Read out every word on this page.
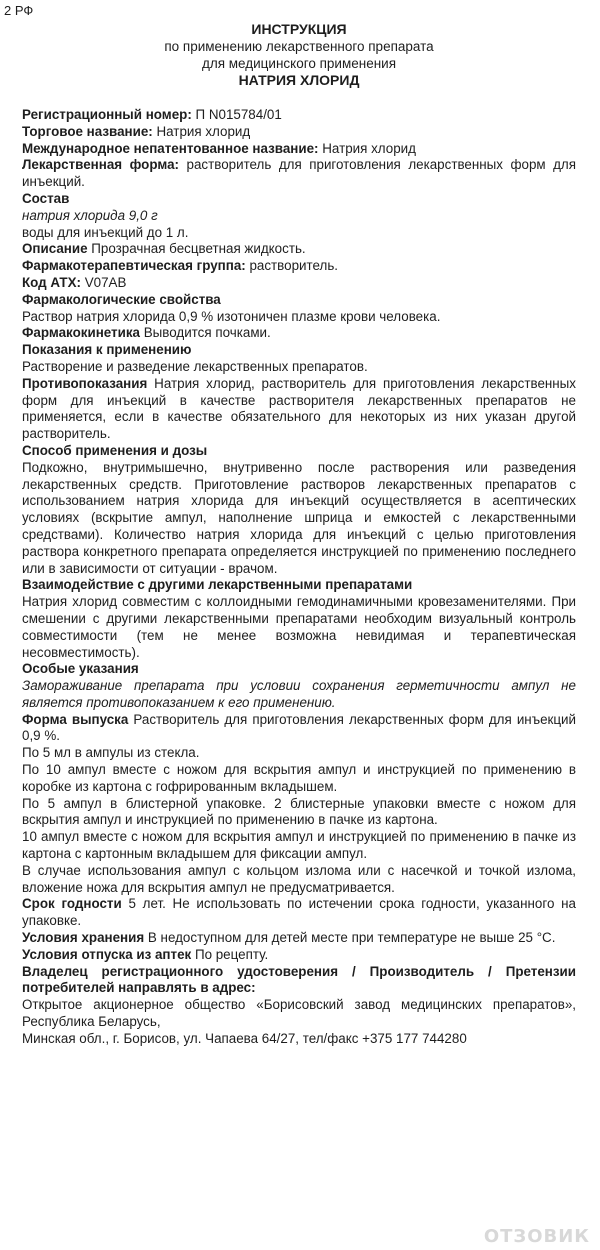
2 РФ
ИНСТРУКЦИЯ
по применению лекарственного препарата
для медицинского применения
НАТРИЯ ХЛОРИД

Регистрационный номер: П N015784/01

Торговое название: Натрия хлорид

Международное непатентованное название: Натрия хлорид

Лекарственная форма: растворитель для приготовления лекарственных форм для инъекций.

Состав

натрия хлорида 9,0 г

воды для инъекций до 1 л.

Описание Прозрачная бесцветная жидкость.

Фармакотерапевтическая группа: растворитель.

Код АТХ: V07AB

Фармакологические свойства

Раствор натрия хлорида 0,9 % изотоничен плазме крови человека.

Фармакокинетика Выводится почками.

Показания к применению

Растворение и разведение лекарственных препаратов.

Противопоказания Натрия хлорид, растворитель для приготовления лекарственных форм для инъекций в качестве растворителя лекарственных препаратов не применяется, если в качестве обязательного для некоторых из них указан другой растворитель.

Способ применения и дозы

Подкожно, внутримышечно, внутривенно после растворения или разведения лекарственных средств. Приготовление растворов лекарственных препаратов с использованием натрия хлорида для инъекций осуществляется в асептических условиях (вскрытие ампул, наполнение шприца и емкостей с лекарственными средствами). Количество натрия хлорида для инъекций с целью приготовления раствора конкретного препарата определяется инструкцией по применению последнего или в зависимости от ситуации - врачом.

Взаимодействие с другими лекарственными препаратами

Натрия хлорид совместим с коллоидными гемодинамичными кровезаменителями. При смешении с другими лекарственными препаратами необходим визуальный контроль совместимости (тем не менее возможна невидимая и терапевтическая несовместимость).

Особые указания

Замораживание препарата при условии сохранения герметичности ампул не является противопоказанием к его применению.

Форма выпуска Растворитель для приготовления лекарственных форм для инъекций 0,9 %.

По 5 мл в ампулы из стекла.

По 10 ампул вместе с ножом для вскрытия ампул и инструкцией по применению в коробке из картона с гофрированным вкладышем.

По 5 ампул в блистерной упаковке. 2 блистерные упаковки вместе с ножом для вскрытия ампул и инструкцией по применению в пачке из картона.

10 ампул вместе с ножом для вскрытия ампул и инструкцией по применению в пачке из картона с картонным вкладышем для фиксации ампул.

В случае использования ампул с кольцом излома или с насечкой и точкой излома, вложение ножа для вскрытия ампул не предусматривается.

Срок годности 5 лет. Не использовать по истечении срока годности, указанного на упаковке.

Условия хранения В недоступном для детей месте при температуре не выше 25 °С.

Условия отпуска из аптек По рецепту.

Владелец регистрационного удостоверения / Производитель / Претензии потребителей направлять в адрес:

Открытое акционерное общество «Борисовский завод медицинских препаратов», Республика Беларусь,

Минская обл., г. Борисов, ул. Чапаева 64/27, тел/факс +375 177 744280

ОТЗОВИК
